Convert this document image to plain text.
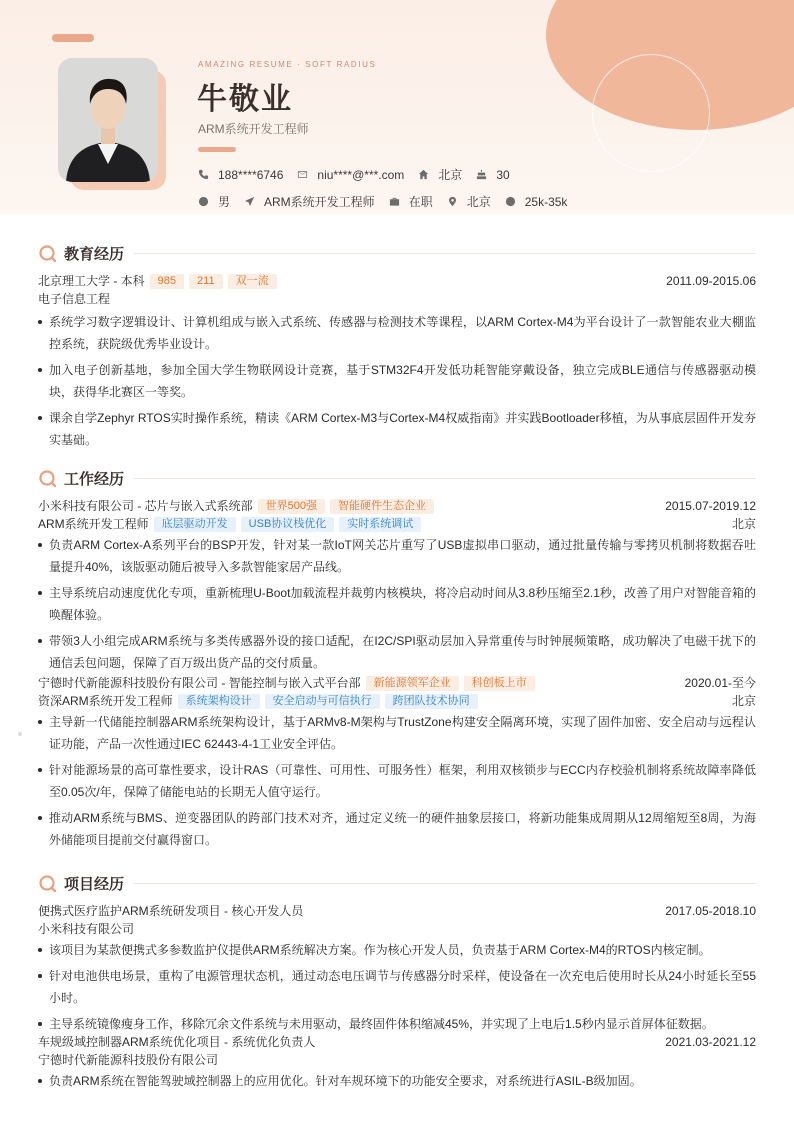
AMAZING RESUME · SOFT RADIUS
牛敬业
ARM系统开发工程师
188****6746	niu****@***.com	北京	30
男	ARM系统开发工程师	在职	北京	25k-35k
教育经历
北京理工大学 - 本科	985	211	双一流	2011.09-2015.06
电子信息工程
系统学习数字逻辑设计、计算机组成与嵌入式系统、传感器与检测技术等课程，以ARM Cortex-M4为平台设计了一款智能农业大棚监控系统，获院级优秀毕业设计。
加入电子创新基地，参加全国大学生物联网设计竞赛，基于STM32F4开发低功耗智能穿戴设备，独立完成BLE通信与传感器驱动模块，获得华北赛区一等奖。
课余自学Zephyr RTOS实时操作系统，精读《ARM Cortex-M3与Cortex-M4权威指南》并实践Bootloader移植，为从事底层固件开发夯实基础。
工作经历
小米科技有限公司 - 芯片与嵌入式系统部	世界500强	智能硬件生态企业	2015.07-2019.12
ARM系统开发工程师	底层驱动开发	USB协议栈优化	实时系统调试	北京
负责ARM Cortex-A系列平台的BSP开发，针对某一款IoT网关芯片重写了USB虚拟串口驱动，通过批量传输与零拷贝机制将数据吞吐量提升40%，该版驱动随后被导入多款智能家居产品线。
主导系统启动速度优化专项，重新梳理U-Boot加载流程并裁剪内核模块，将冷启动时间从3.8秒压缩至2.1秒，改善了用户对智能音箱的唤醒体验。
带领3人小组完成ARM系统与多类传感器外设的接口适配，在I2C/SPI驱动层加入异常重传与时钟展频策略，成功解决了电磁干扰下的通信丢包问题，保障了百万级出货产品的交付质量。
宁德时代新能源科技股份有限公司 - 智能控制与嵌入式平台部	新能源领军企业	科创板上市	2020.01-至今
资深ARM系统开发工程师	系统架构设计	安全启动与可信执行	跨团队技术协同	北京
主导新一代储能控制器ARM系统架构设计，基于ARMv8-M架构与TrustZone构建安全隔离环境，实现了固件加密、安全启动与远程认证功能，产品一次性通过IEC 62443-4-1工业安全评估。
针对能源场景的高可靠性要求，设计RAS（可靠性、可用性、可服务性）框架，利用双核锁步与ECC内存校验机制将系统故障率降低至0.05次/年，保障了储能电站的长期无人值守运行。
推动ARM系统与BMS、逆变器团队的跨部门技术对齐，通过定义统一的硬件抽象层接口，将新功能集成周期从12周缩短至8周，为海外储能项目提前交付赢得窗口。
项目经历
便携式医疗监护ARM系统研发项目 - 核心开发人员	2017.05-2018.10
小米科技有限公司
该项目为某款便携式多参数监护仪提供ARM系统解决方案。作为核心开发人员，负责基于ARM Cortex-M4的RTOS内核定制。
针对电池供电场景，重构了电源管理状态机，通过动态电压调节与传感器分时采样，使设备在一次充电后使用时长从24小时延长至55小时。
主导系统镜像瘦身工作，移除冗余文件系统与未用驱动，最终固件体积缩减45%，并实现了上电后1.5秒内显示首屏体征数据。
车规级域控制器ARM系统优化项目 - 系统优化负责人	2021.03-2021.12
宁德时代新能源科技股份有限公司
负责ARM系统在智能驾驶域控制器上的应用优化。针对车规环境下的功能安全要求，对系统进行ASIL-B级加固。
